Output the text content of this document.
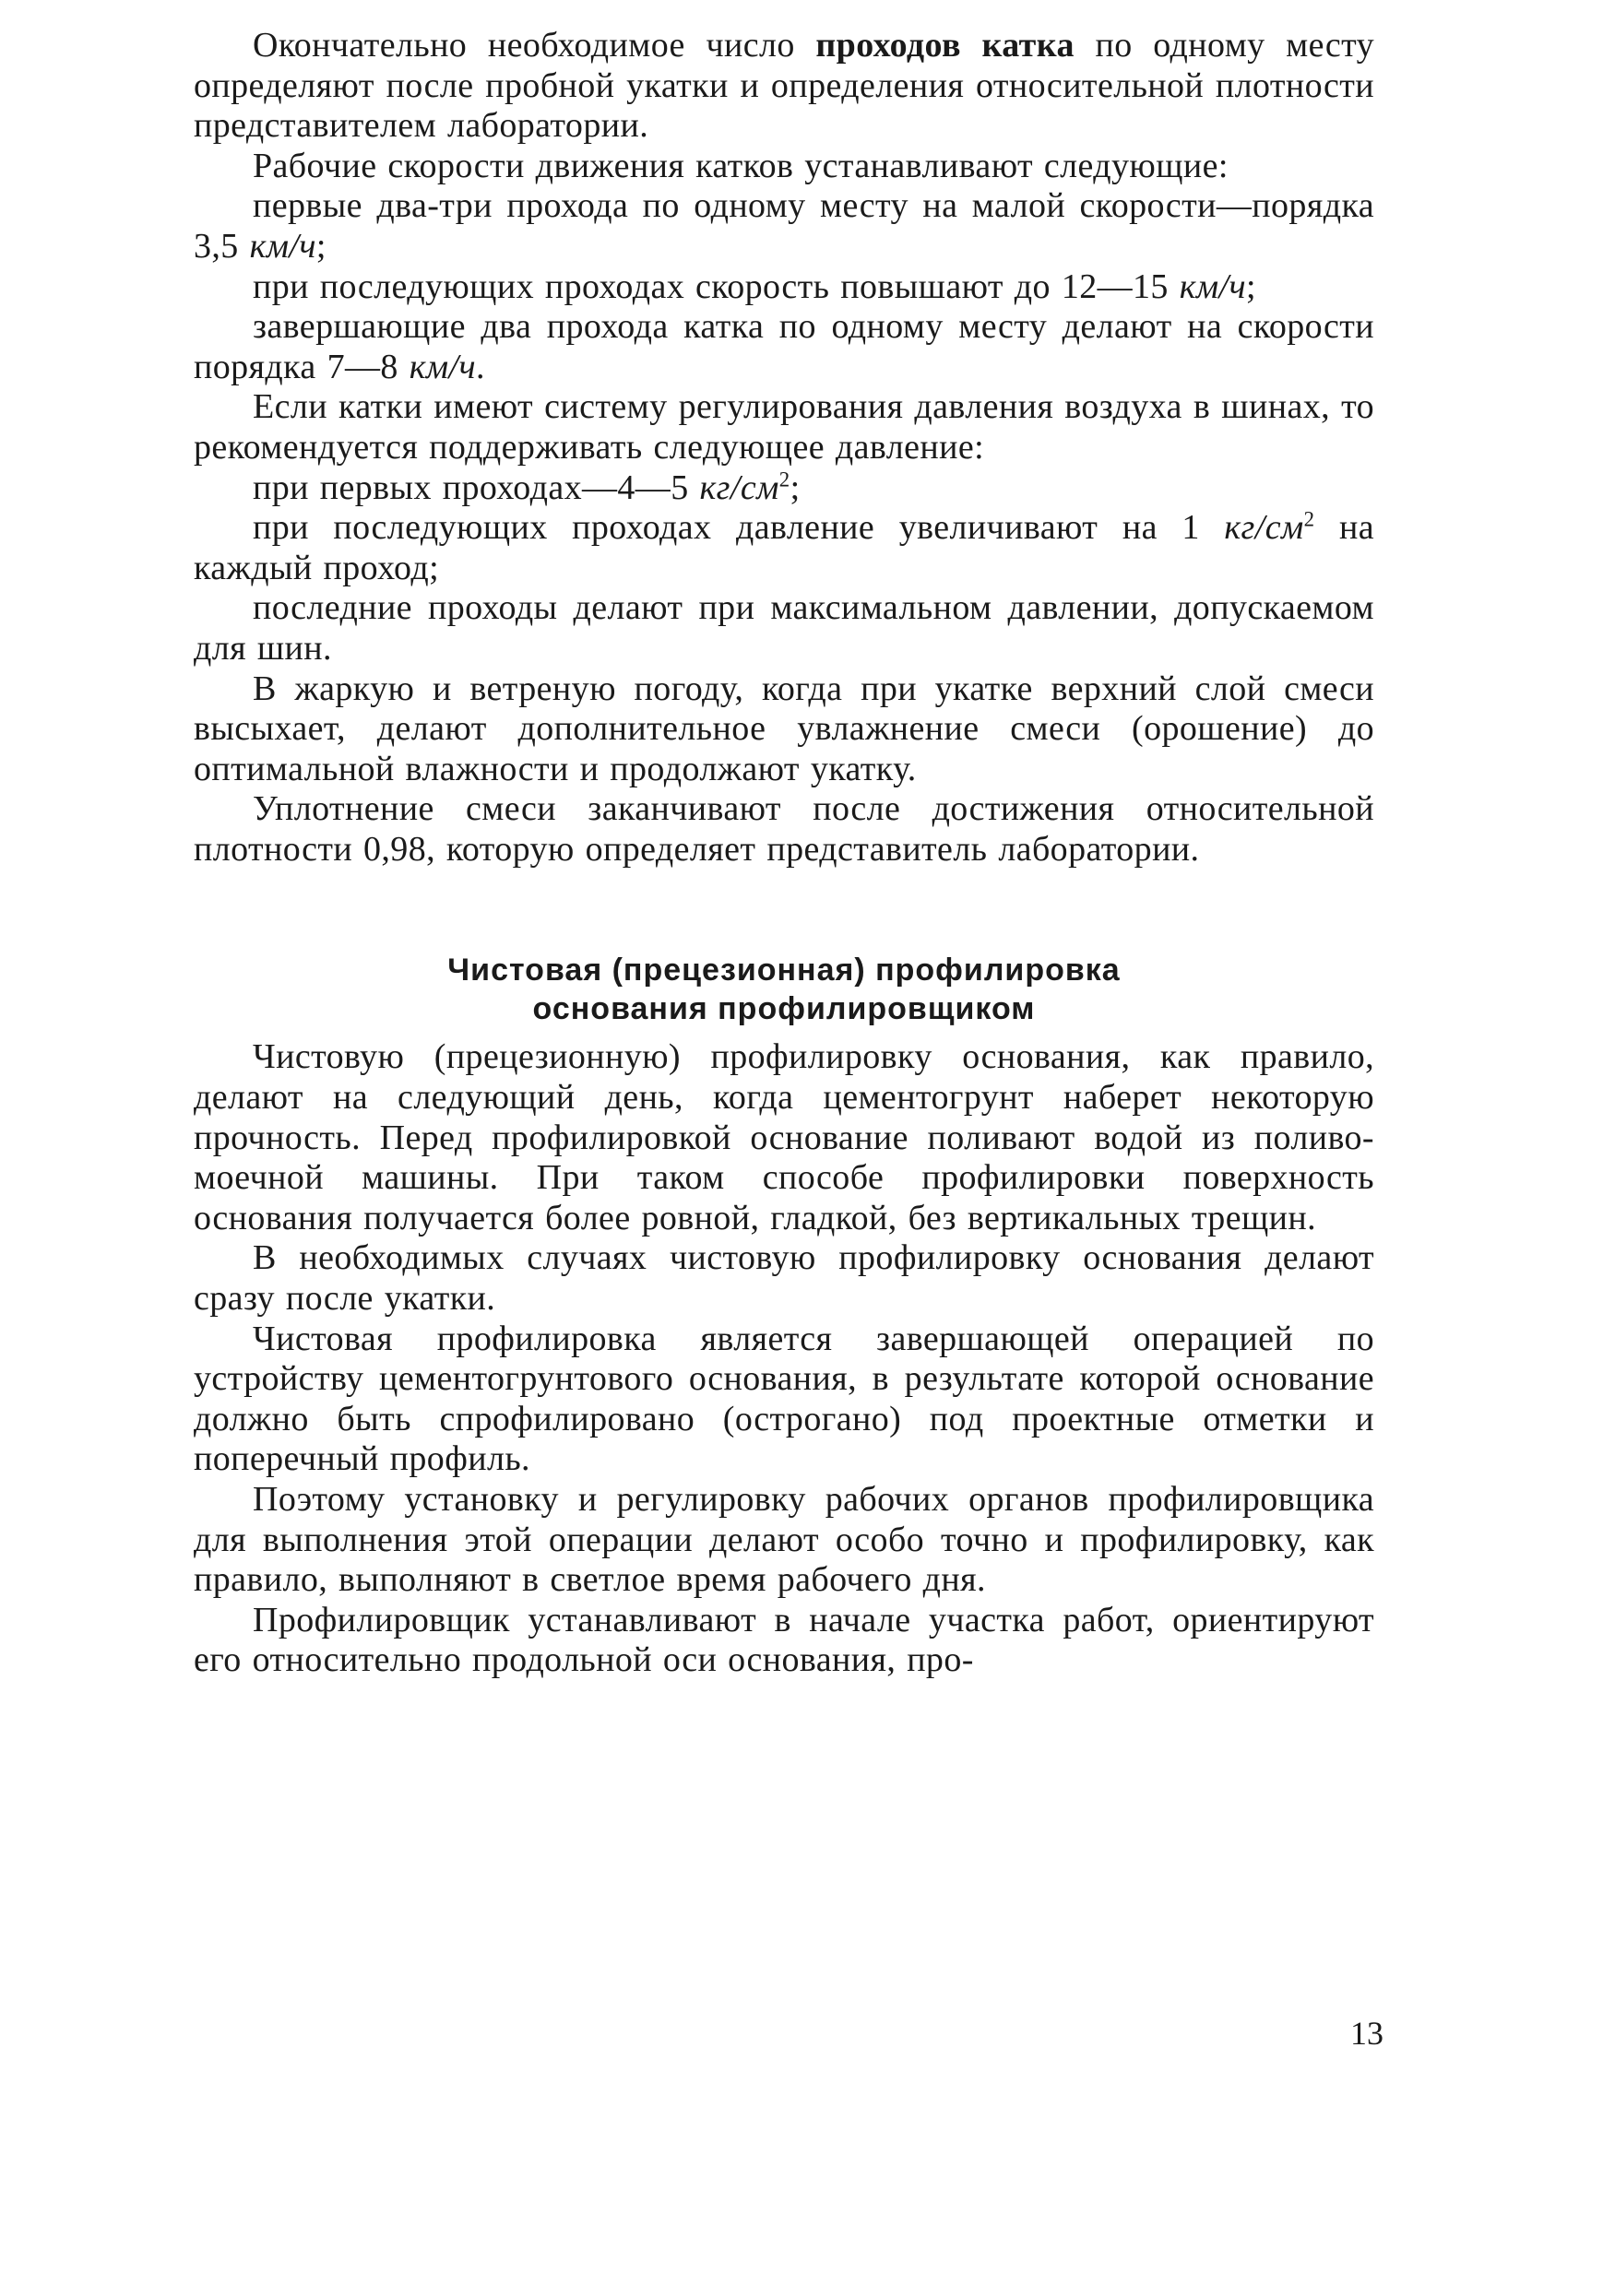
Окончательно необходимое число проходов катка по одному месту определяют после пробной укатки и определения относительной плотности представителем лаборатории.

Рабочие скорости движения катков устанавливают следующие:

первые два-три прохода по одному месту на малой скорости—порядка 3,5 км/ч;

при последующих проходах скорость повышают до 12—15 км/ч;

завершающие два прохода катка по одному месту делают на скорости порядка 7—8 км/ч.

Если катки имеют систему регулирования давления воздуха в шинах, то рекомендуется поддерживать следующее давление:

при первых проходах—4—5 $кг/см^2$;

при последующих проходах давление увеличивают на 1 $кг/см^2$ на каждый проход;

последние проходы делают при максимальном давлении, допускаемом для шин.

В жаркую и ветреную погоду, когда при укатке верхний слой смеси высыхает, делают дополнительное увлажнение смеси (орошение) до оптимальной влажности и продолжают укатку.

Уплотнение смеси заканчивают после достижения относительной плотности 0,98, которую определяет представитель лаборатории.

Чистовая (прецезионная) профилировка
основания профилировщиком

Чистовую (прецезионную) профилировку основания, как правило, делают на следующий день, когда цементогрунт наберет некоторую прочность. Перед профилировкой основание поливают водой из поливо-моечной машины. При таком способе профилировки поверхность основания получается более ровной, гладкой, без вертикальных трещин.

В необходимых случаях чистовую профилировку основания делают сразу после укатки.

Чистовая профилировка является завершающей операцией по устройству цементогрунтового основания, в результате которой основание должно быть спрофилировано (острогано) под проектные отметки и поперечный профиль.

Поэтому установку и регулировку рабочих органов профилировщика для выполнения этой операции делают особо точно и профилировку, как правило, выполняют в светлое время рабочего дня.

Профилировщик устанавливают в начале участка работ, ориентируют его относительно продольной оси основания, про-

13
